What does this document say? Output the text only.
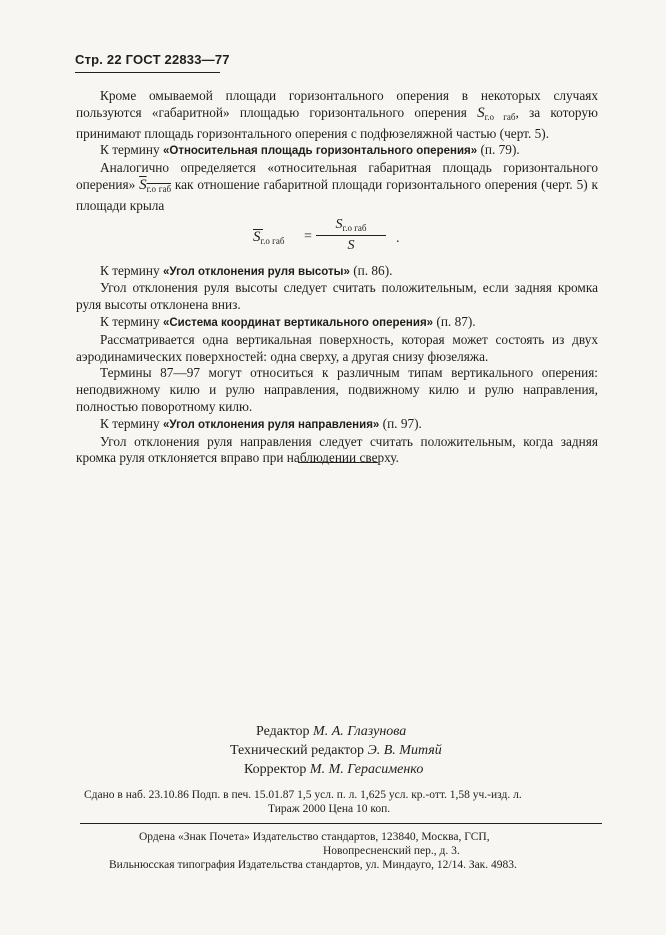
Стр. 22 ГОСТ 22833—77

Кроме омываемой площади горизонтального оперения в некоторых случаях пользуются «габаритной» площадью горизонтального оперения $S_{г.о габ}$, за которую принимают площадь горизонтального оперения с подфюзеляжной частью (черт. 5).

К термину «Относительная площадь горизонтального оперения» (п. 79).

Аналогично определяется «относительная габаритная площадь горизонтального оперения» $S_{г.о габ}$ как отношение габаритной площади горизонтального оперения (черт. 5) к площади крыла

$S_{г.о габ}$ =
$S_{г.о габ}$
S	.

К термину «Угол отклонения руля высоты» (п. 86).

Угол отклонения руля высоты следует считать положительным, если задняя кромка руля высоты отклонена вниз.

К термину «Система координат вертикального оперения» (п. 87).

Рассматривается одна вертикальная поверхность, которая может состоять из двух аэродинамических поверхностей: одна сверху, а другая снизу фюзеляжа.

Термины 87—97 могут относиться к различным типам вертикального оперения: неподвижному килю и рулю направления, подвижному килю и рулю направления, полностью поворотному килю.

К термину «Угол отклонения руля направления» (п. 97).

Угол отклонения руля направления следует считать положительным, когда задняя кромка руля отклоняется вправо при наблюдении сверху.

Редактор М. А. Глазунова
Технический редактор Э. В. Митяй
Корректор М. М. Герасименко
Сдано в наб. 23.10.86 Подп. в печ. 15.01.87 1,5 усл. п. л. 1,625 усл. кр.-отт. 1,58 уч.-изд. л.
Тираж 2000 Цена 10 коп.
Ордена «Знак Почета» Издательство стандартов, 123840, Москва, ГСП,
Новопресненский пер., д. 3.
Вильнюсская типография Издательства стандартов, ул. Миндауго, 12/14. Зак. 4983.
